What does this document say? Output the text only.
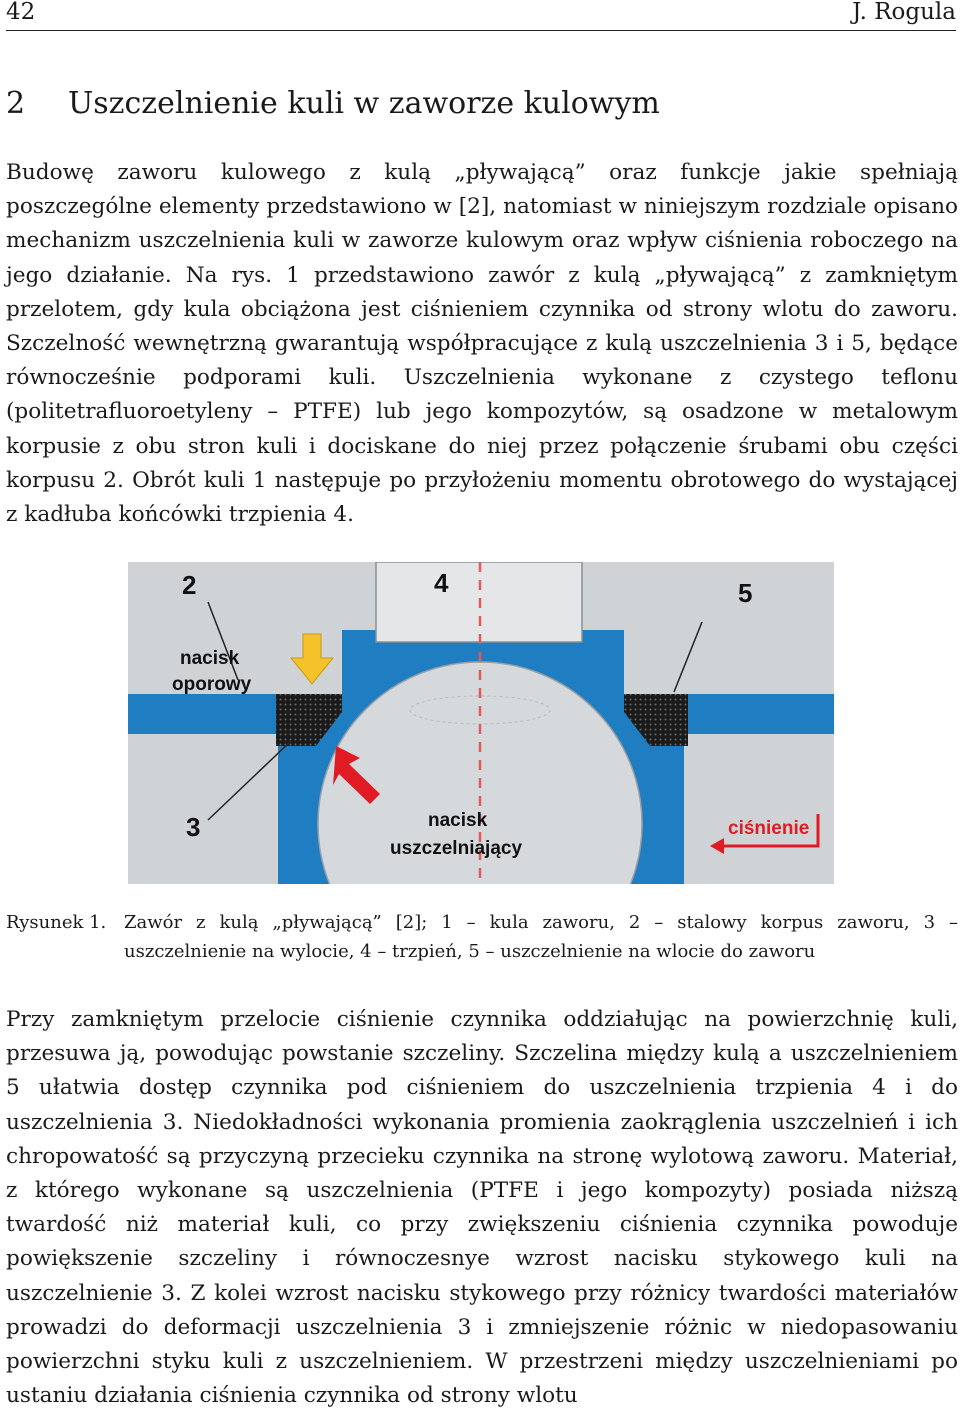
42	J. Rogula
2 Uszczelnienie kuli w zaworze kulowym

Budowę zaworu kulowego z kulą „pływającą” oraz funkcje jakie spełniają poszczególne elementy przedstawiono w [2], natomiast w niniejszym rozdziale opisano mechanizm uszczelnienia kuli w zaworze kulowym oraz wpływ ciśnienia roboczego na jego działanie. Na rys. 1 przedstawiono zawór z kulą „pływającą” z zamkniętym przelotem, gdy kula obciążona jest ciśnieniem czynnika od strony wlotu do zaworu. Szczelność wewnętrzną gwarantują współpracujące z kulą uszczelnienia 3 i 5, będące równocześnie podporami kuli. Uszczelnienia wykonane z czystego teflonu (politetrafluoroetyleny – PTFE) lub jego kompozytów, są osadzone w metalowym korpusie z obu stron kuli i dociskane do niej przez połączenie śrubami obu części korpusu 2. Obrót kuli 1 następuje po przyłożeniu momentu obrotowego do wystającej z kadłuba końcówki trzpienia 4.

2	4	5
3
nacisk
oporowy
nacisk
uszczelniający
ciśnienie
Rysunek 1. Zawór z kulą „pływającą” [2]; 1 – kula zaworu, 2 – stalowy korpus zaworu, 3 – uszczelnienie na wylocie, 4 – trzpień, 5 – uszczelnienie na wlocie do zaworu

Przy zamkniętym przelocie ciśnienie czynnika oddziałując na powierzchnię kuli, przesuwa ją, powodując powstanie szczeliny. Szczelina między kulą a uszczelnieniem 5 ułatwia dostęp czynnika pod ciśnieniem do uszczelnienia trzpienia 4 i do uszczelnienia 3. Niedokładności wykonania promienia zaokrąglenia uszczelnień i ich chropowatość są przyczyną przecieku czynnika na stronę wylotową zaworu. Materiał, z którego wykonane są uszczelnienia (PTFE i jego kompozyty) posiada niższą twardość niż materiał kuli, co przy zwiększeniu ciśnienia czynnika powoduje powiększenie szczeliny i równoczesnye wzrost nacisku stykowego kuli na uszczelnienie 3. Z kolei wzrost nacisku stykowego przy różnicy twardości materiałów prowadzi do deformacji uszczelnienia 3 i zmniejszenie różnic w niedopasowaniu powierzchni styku kuli z uszczelnieniem. W przestrzeni między uszczelnieniami po ustaniu działania ciśnienia czynnika od strony wlotu
